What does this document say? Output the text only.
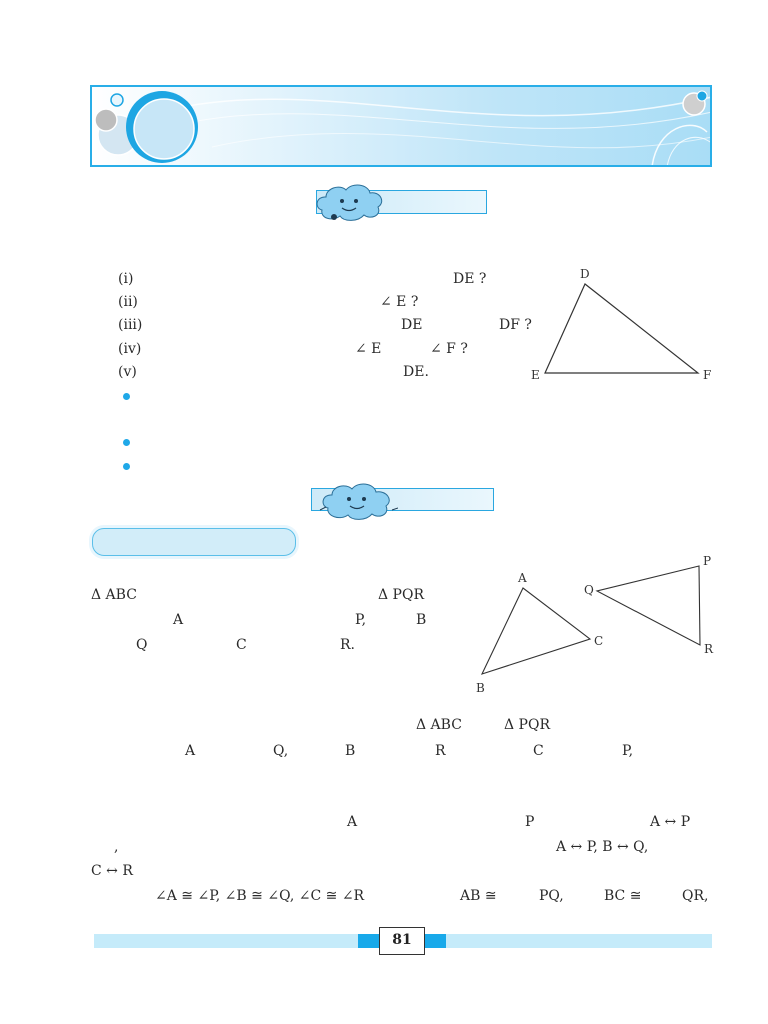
(i)	DE ?
(ii)	∠ E ?
(iii)	DE	DF ?
(iv)	∠ E	∠ F ?
(v)	DE.
D
E	F
Δ ABC	Δ PQR
A	P,	B
Q	C	R.
A
B
C
P
Q
R
Δ ABC	Δ PQR
A	Q,	B	R	C	P,
A	P	A ↔ P
,	A ↔ P, B ↔ Q,
C ↔ R
∠A ≅ ∠P, ∠B ≅ ∠Q, ∠C ≅ ∠R	AB ≅	PQ,	BC ≅	QR,
81
